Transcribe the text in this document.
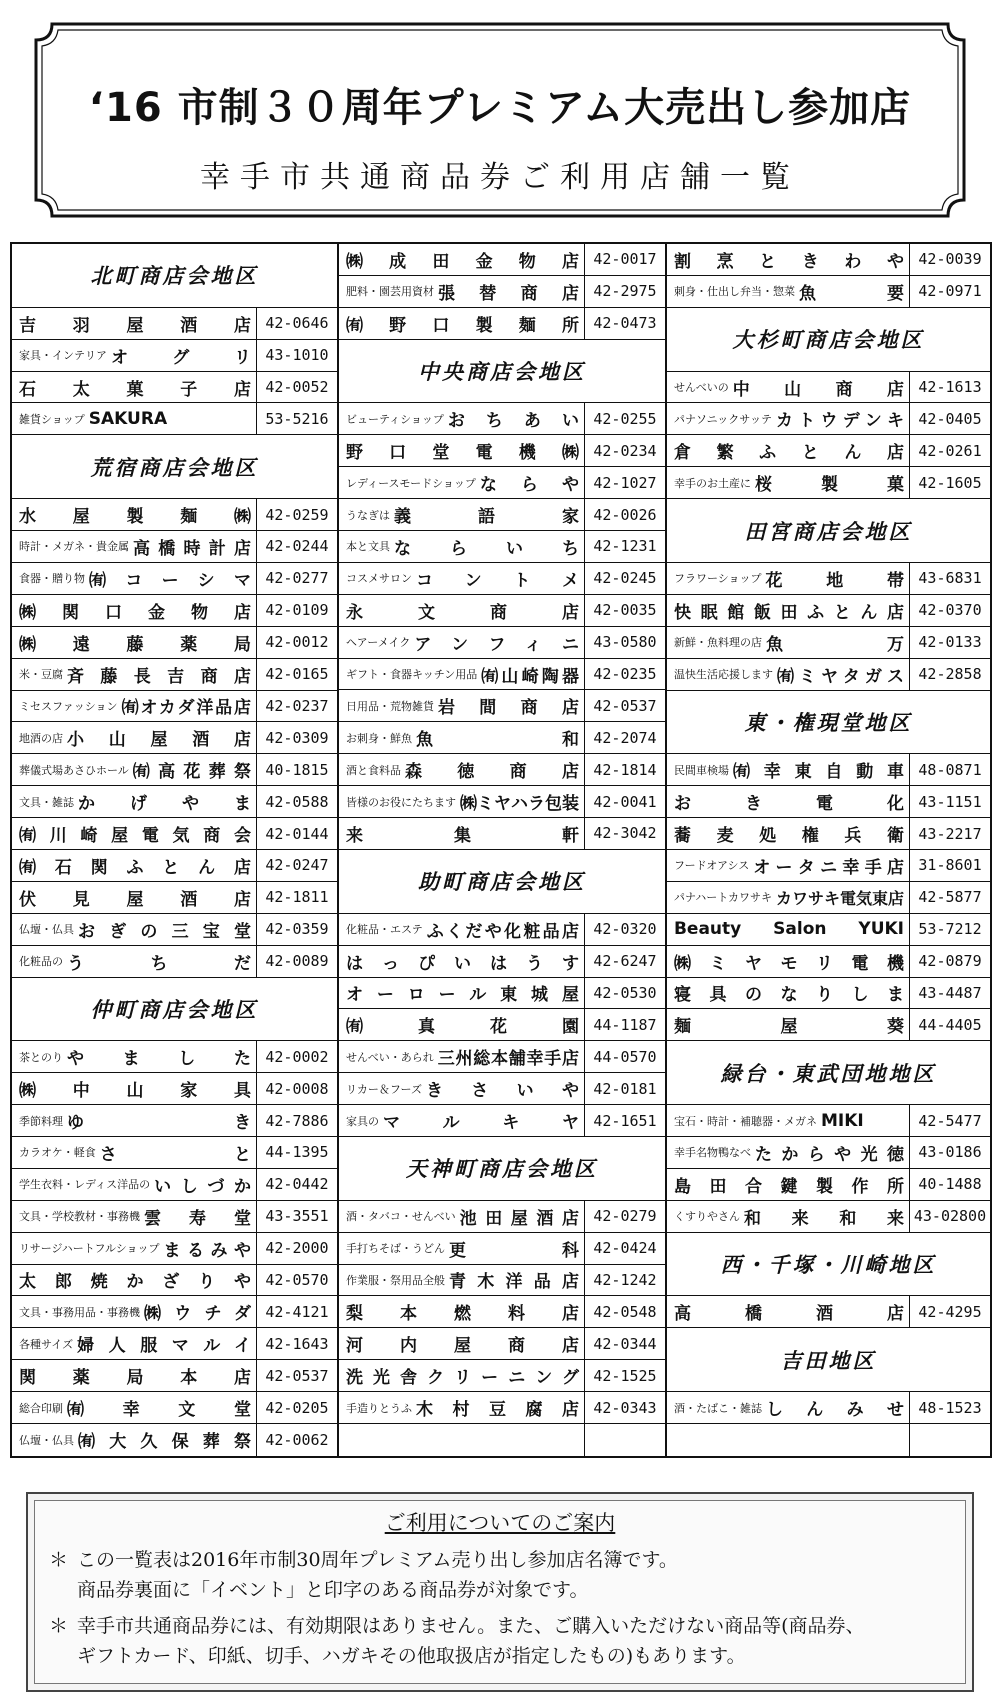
‘16 市制３０周年プレミアム大売出し参加店
幸手市共通商品券ご利用店舗一覧
北町商店会地区
吉羽屋酒店 42-0646
家具・インテリア オグリ 43-1010
石太菓子店 42-0052
雑貨ショップ SAKURA	53-5216
荒宿商店会地区
水屋製麺㈱ 42-0259
時計・メガネ・貴金属 高橋時計店 42-0244
食器・贈り物 ㈲コーシマ 42-0277
㈱関口金物店 42-0109
㈱遠藤薬局 42-0012
米・豆腐 斉藤長吉商店 42-0165
ミセスファッション ㈲オカダ洋品店 42-0237
地酒の店 小山屋酒店 42-0309
葬儀式場あさひホール ㈲高花葬祭 40-1815
文具・雑誌 かげやま 42-0588
㈲川崎屋電気商会 42-0144
㈲石関ふとん店 42-0247
伏見屋酒店 42-1811
仏壇・仏具 おぎの三宝堂 42-0359
化粧品の うちだ 42-0089
仲町商店会地区
茶とのり やました 42-0002
㈱中山家具 42-0008
季節料理 ゆき 42-7886
カラオケ・軽食 さと 44-1395
学生衣料・レディス洋品の いしづか 42-0442
文具・学校教材・事務機 雲寿堂 43-3551
リサージハートフルショップ まるみや 42-2000
太郎焼かざりや 42-0570
文具・事務用品・事務機 ㈱ウチダ 42-4121
各種サイズ 婦人服マルイ 42-1643
関薬局本店 42-0537
総合印刷 ㈲幸文堂 42-0205
仏壇・仏具 ㈲大久保葬祭 42-0062
㈱成田金物店 42-0017
肥料・園芸用資材 張替商店 42-2975
㈲野口製麺所 42-0473
中央商店会地区
ビューティショップ おちあい 42-0255
野口堂電機㈱ 42-0234
レディースモードショップ ならや 42-1027
うなぎは 義語家 42-0026
本と文具 ならいち 42-1231
コスメサロン コントメ 42-0245
永文商店 42-0035
ヘアーメイク アンフィニ 43-0580
ギフト・食器キッチン用品 ㈲山崎陶器 42-0235
日用品・荒物雑貨 岩間商店 42-0537
お刺身・鮮魚 魚和 42-2074
酒と食料品 森徳商店 42-1814
皆様のお役にたちます ㈱ミヤハラ包装 42-0041
来集軒 42-3042
助町商店会地区
化粧品・エステ ふくだや化粧品店 42-0320
はっぴいはうす 42-6247
オーロール東城屋 42-0530
㈲真花園 44-1187
せんべい・あられ 三州総本舗幸手店 44-0570
リカー＆フーズ きさいや 42-0181
家具の マルキヤ 42-1651
天神町商店会地区
酒・タバコ・せんべい 池田屋酒店 42-0279
手打ちそば・うどん 更科 42-0424
作業服・祭用品全般 青木洋品店 42-1242
梨本燃料店 42-0548
河内屋商店 42-0344
洗光舎クリーニング 42-1525
手造りとうふ 木村豆腐店 42-0343
割烹ときわや 42-0039
刺身・仕出し弁当・惣菜 魚要 42-0971
大杉町商店会地区
せんべいの 中山商店 42-1613
パナソニックサッテ カトウデンキ 42-0405
倉繁ふとん店 42-0261
幸手のお土産に 桜製菓 42-1605
田宮商店会地区
フラワーショップ 花地帯 43-6831
快眠館飯田ふとん店 42-0370
新鮮・魚料理の店 魚万 42-0133
温快生活応援します ㈲ミヤタガス 42-2858
東・権現堂地区
民間車検場 ㈲幸東自動車 48-0871
おき電化 43-1151
蕎麦処権兵衛 43-2217
フードオアシス オータニ幸手店 31-8601
パナハートカワサキ カワサキ電気東店 42-5877
Beauty Salon YUKI 53-7212
㈱ミヤモリ電機 42-0879
寝具のなりしま 43-4487
麺屋葵 44-4405
緑台・東武団地地区
宝石・時計・補聴器・メガネ MIKI	42-5477
幸手名物鴨なべ たからや光徳 43-0186
島田合鍵製作所 40-1488
くすりやさん 和来和来 43-02800
西・千塚・川崎地区
高橋酒店 42-4295
吉田地区
酒・たばこ・雑誌 しんみせ 48-1523
ご利用についてのご案内
＊ この一覧表は2016年市制30周年プレミアム売り出し参加店名簿です。
商品券裏面に「イベント」と印字のある商品券が対象です。
＊ 幸手市共通商品券には、有効期限はありません。また、ご購入いただけない商品等(商品券、
ギフトカード、印紙、切手、ハガキその他取扱店が指定したもの)もあります。
